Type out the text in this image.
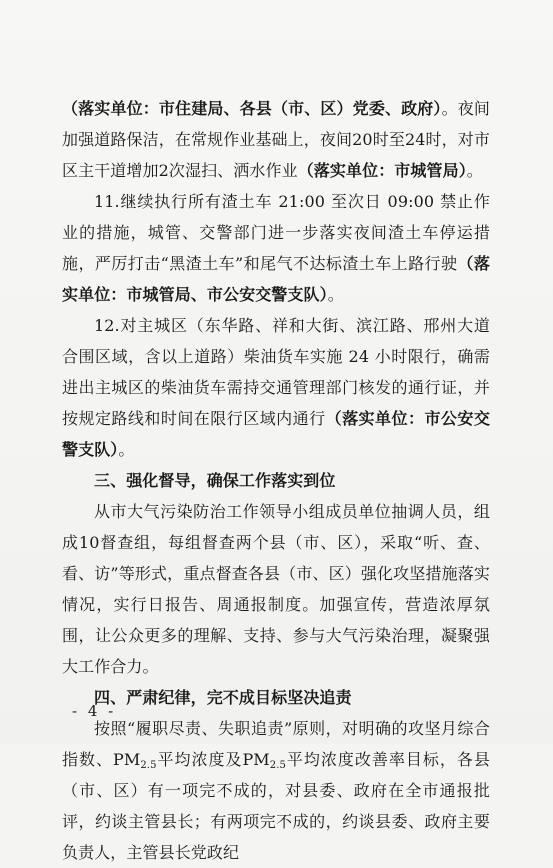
（落实单位：市住建局、各县（市、区）党委、政府）。夜间加强道路保洁，在常规作业基础上，夜间20时至24时，对市区主干道增加2次湿扫、洒水作业（落实单位：市城管局）。

11.继续执行所有渣土车 21:00 至次日 09:00 禁止作业的措施，城管、交警部门进一步落实夜间渣土车停运措施，严厉打击“黑渣土车”和尾气不达标渣土车上路行驶（落实单位：市城管局、市公安交警支队）。

12.对主城区（东华路、祥和大街、滨江路、邢州大道合围区域，含以上道路）柴油货车实施 24 小时限行，确需进出主城区的柴油货车需持交通管理部门核发的通行证，并按规定路线和时间在限行区域内通行（落实单位：市公安交警支队）。

三、强化督导，确保工作落实到位

从市大气污染防治工作领导小组成员单位抽调人员，组成10督查组，每组督查两个县（市、区），采取“听、查、看、访”等形式，重点督查各县（市、区）强化攻坚措施落实情况，实行日报告、周通报制度。加强宣传，营造浓厚氛围，让公众更多的理解、支持、参与大气污染治理，凝聚强大工作合力。

四、严肃纪律，完不成目标坚决追责

按照“履职尽责、失职追责”原则，对明确的攻坚月综合指数、$PM_{2.5}$平均浓度及$PM_{2.5}$平均浓度改善率目标，各县（市、区）有一项完不成的，对县委、政府在全市通报批评，约谈主管县长；有两项完不成的，约谈县委、政府主要负责人，主管县长党政纪

- 4 -
